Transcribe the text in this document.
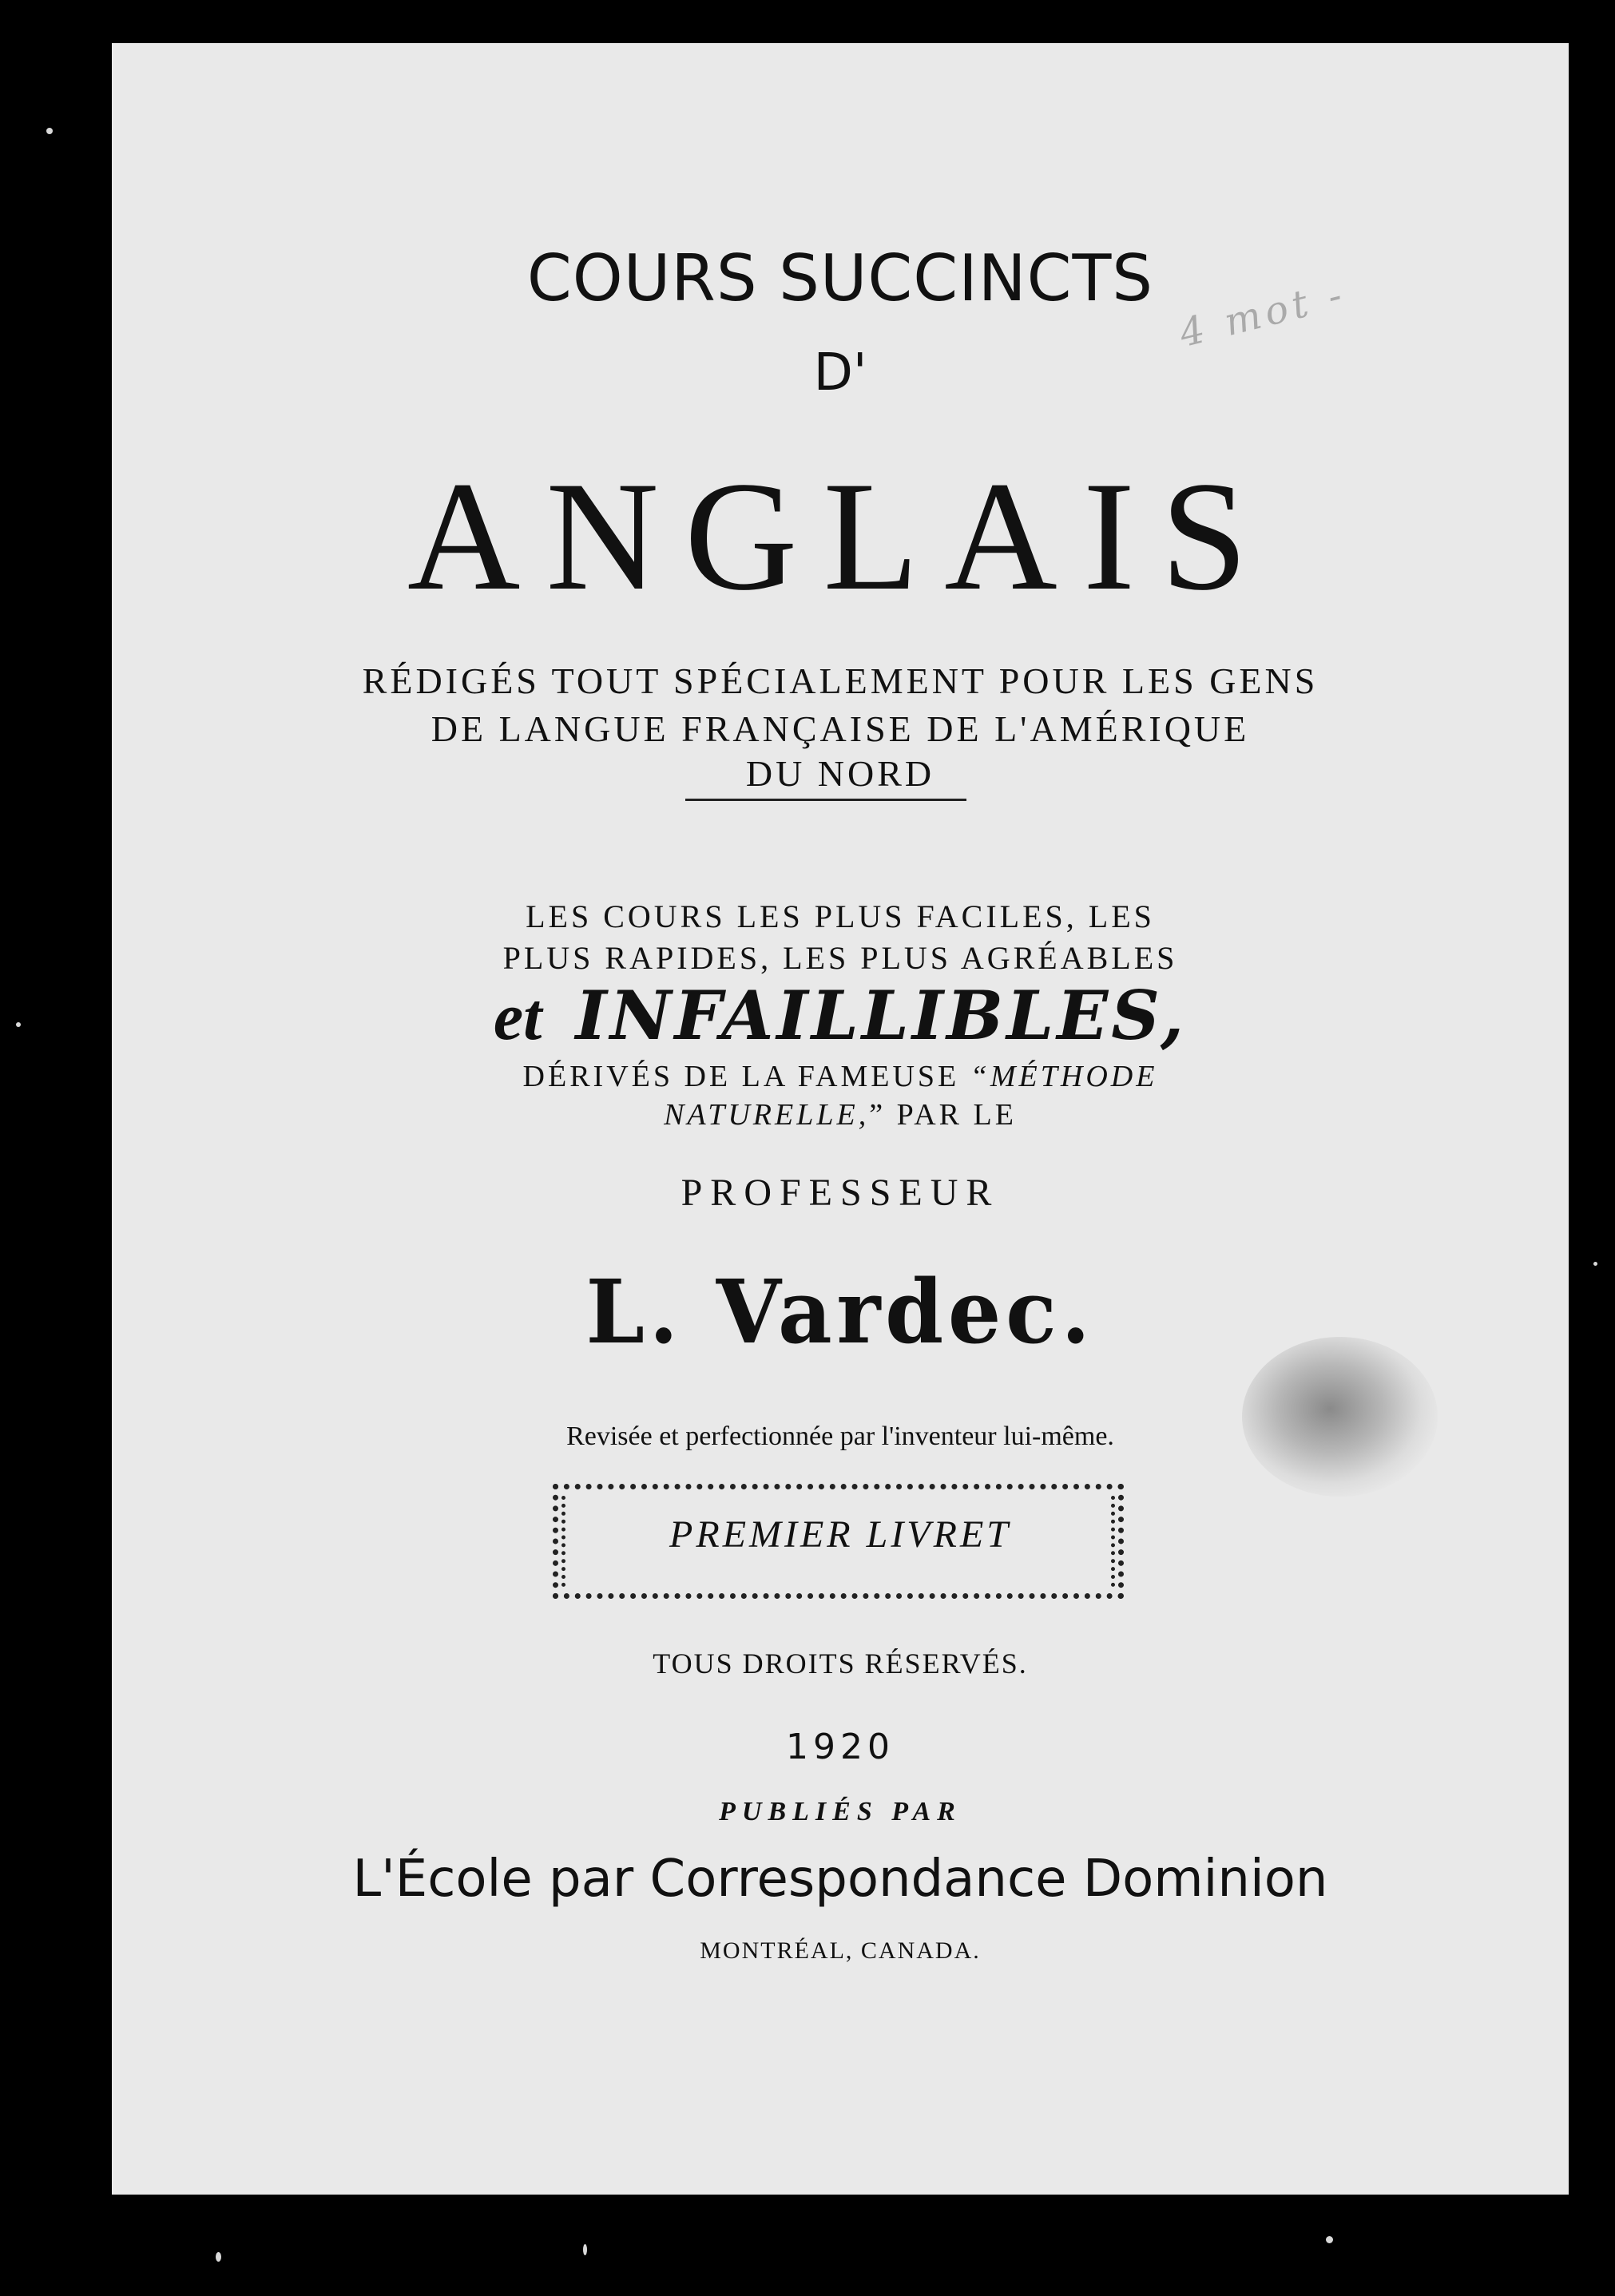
4 mot -
COURS SUCCINCTS
D'
ANGLAIS
RÉDIGÉS TOUT SPÉCIALEMENT POUR LES GENS
DE LANGUE FRANÇAISE DE L'AMÉRIQUE
DU NORD
LES COURS LES PLUS FACILES, LES
PLUS RAPIDES, LES PLUS AGRÉABLES
et INFAILLIBLES,
DÉRIVÉS DE LA FAMEUSE “MÉTHODE
NATURELLE,” PAR LE
PROFESSEUR
L. Vardec.
Revisée et perfectionnée par l'inventeur lui-même.
PREMIER LIVRET
TOUS DROITS RÉSERVÉS.
1920
PUBLIÉS PAR
L'École par Correspondance Dominion
MONTRÉAL, CANADA.
